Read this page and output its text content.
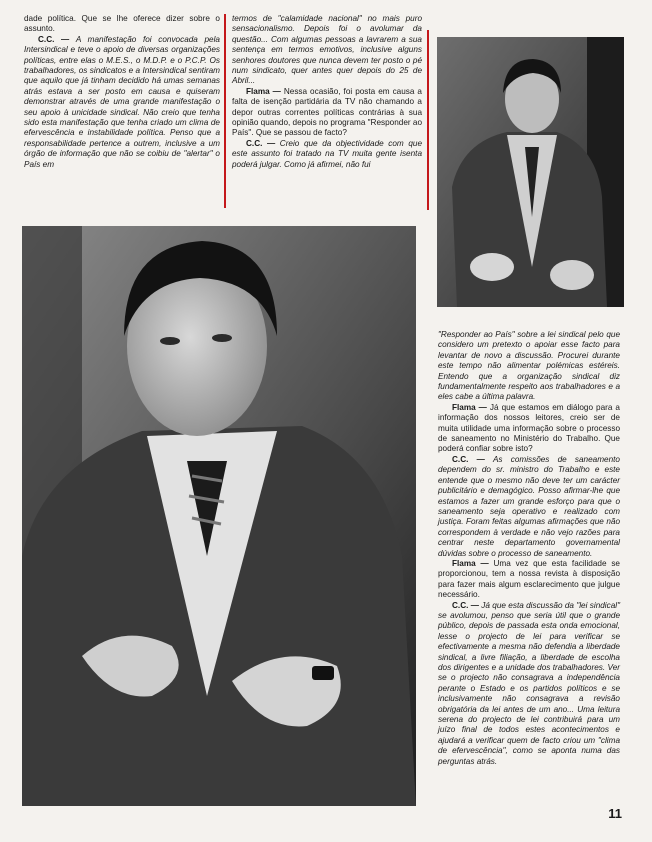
dade política. Que se lhe oferece dizer sobre o assunto.

C.C. — A manifestação foi convocada pela Intersindical e teve o apoio de diversas organizações políticas, entre elas o M.E.S., o M.D.P. e o P.C.P. Os trabalhadores, os sindicatos e a Intersindical sentiram que aquilo que já tinham decidido há umas semanas atrás estava a ser posto em causa e quiseram demonstrar através de uma grande manifestação o seu apoio à unicidade sindical. Não creio que tenha sido esta manifestação que tenha criado um clima de efervescência e instabilidade política. Penso que a responsabilidade pertence a outrem, inclusive a um órgão de informação que não se coibiu de "alertar" o País em

termos de "calamidade nacional" no mais puro sensacionalismo. Depois foi o avolumar da questão... Com algumas pessoas a lavrarem a sua sentença em termos emotivos, inclusive alguns senhores doutores que nunca devem ter posto o pé num sindicato, quer antes quer depois do 25 de Abril...

Flama — Nessa ocasião, foi posta em causa a falta de isenção partidária da TV não chamando a depor outras correntes políticas contrárias à sua opinião quando, depois no programa "Responder ao País". Que se passou de facto?

C.C. — Creio que da objectividade com que este assunto foi tratado na TV muita gente isenta poderá julgar. Como já afirmei, não fui

"Responder ao País" sobre a lei sindical pelo que considero um pretexto o apoiar esse facto para levantar de novo a discussão. Procurei durante este tempo não alimentar polémicas estéreis. Entendo que a organização sindical diz fundamentalmente respeito aos trabalhadores e a eles cabe a última palavra.

Flama — Já que estamos em diálogo para a informação dos nossos leitores, creio ser de muita utilidade uma informação sobre o processo de saneamento no Ministério do Trabalho. Que poderá confiar sobre isto?

C.C. — As comissões de saneamento dependem do sr. ministro do Trabalho e este entende que o mesmo não deve ter um carácter publicitário e demagógico. Posso afirmar-lhe que estamos a fazer um grande esforço para que o saneamento seja operativo e realizado com justiça. Foram feitas algumas afirmações que não correspondem à verdade e não vejo razões para centrar neste departamento governamental dúvidas sobre o processo de saneamento.

Flama — Uma vez que esta facilidade se proporcionou, tem a nossa revista à disposição para fazer mais algum esclarecimento que julgue necessário.

C.C. — Já que esta discussão da "lei sindical" se avolumou, penso que seria útil que o grande público, depois de passada esta onda emocional, lesse o projecto de lei para verificar se efectivamente a mesma não defendia a liberdade sindical, a livre filiação, a liberdade de escolha dos dirigentes e a unidade dos trabalhadores. Ver se o projecto não consagrava a independência perante o Estado e os partidos políticos e se inclusivamente não consagrava a revisão obrigatória da lei antes de um ano... Uma leitura serena do projecto de lei contribuirá para um juízo final de todos estes acontecimentos e ajudará a verificar quem de facto criou um "clima de efervescência", como se aponta numa das perguntas atrás.

11
